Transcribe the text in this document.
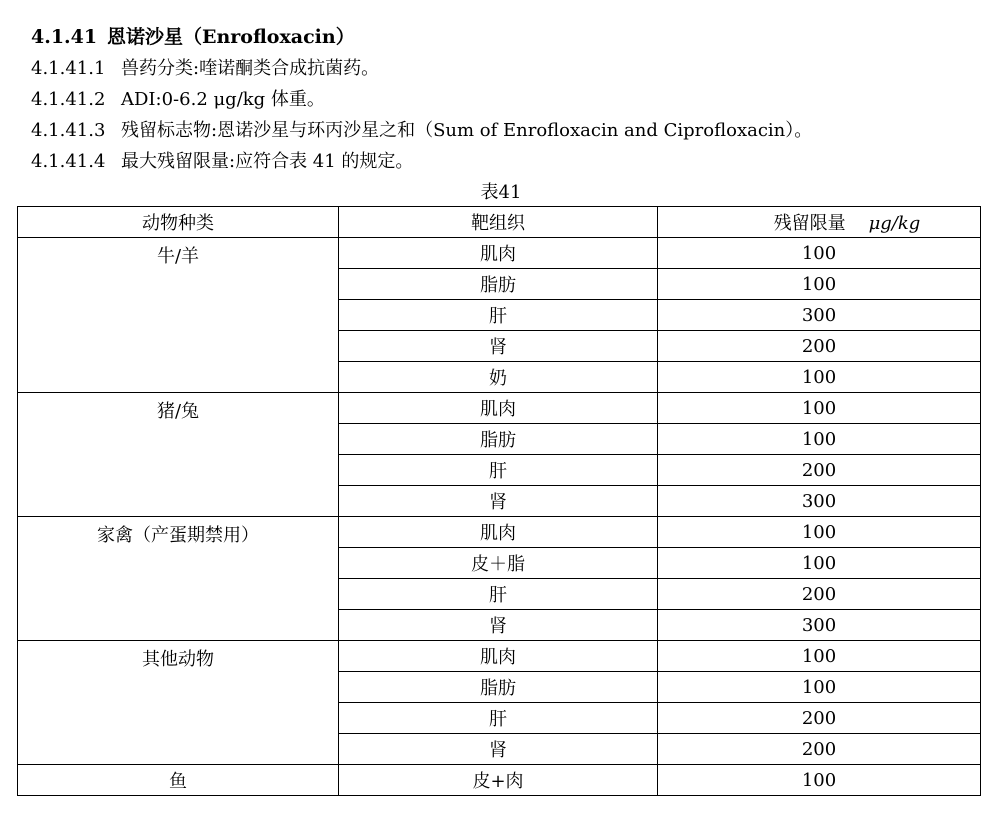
4.1.41 恩诺沙星（Enrofloxacin）
4.1.41.1 兽药分类:喹诺酮类合成抗菌药。
4.1.41.2 ADI:0-6.2 μg/kg 体重。
4.1.41.3 残留标志物:恩诺沙星与环丙沙星之和（Sum of Enrofloxacin and Ciprofloxacin）。
4.1.41.4 最大残留限量:应符合表 41 的规定。
表41
动物种类	靶组织	残留限量 μg/kg
牛/羊	肌肉	100
	脂肪	100
	肝	300
	肾	200
	奶	100
猪/兔	肌肉	100
	脂肪	100
	肝	200
	肾	300
家禽（产蛋期禁用）	肌肉	100
	皮＋脂	100
	肝	200
	肾	300
其他动物	肌肉	100
	脂肪	100
	肝	200
	肾	200
鱼	皮+肉	100
